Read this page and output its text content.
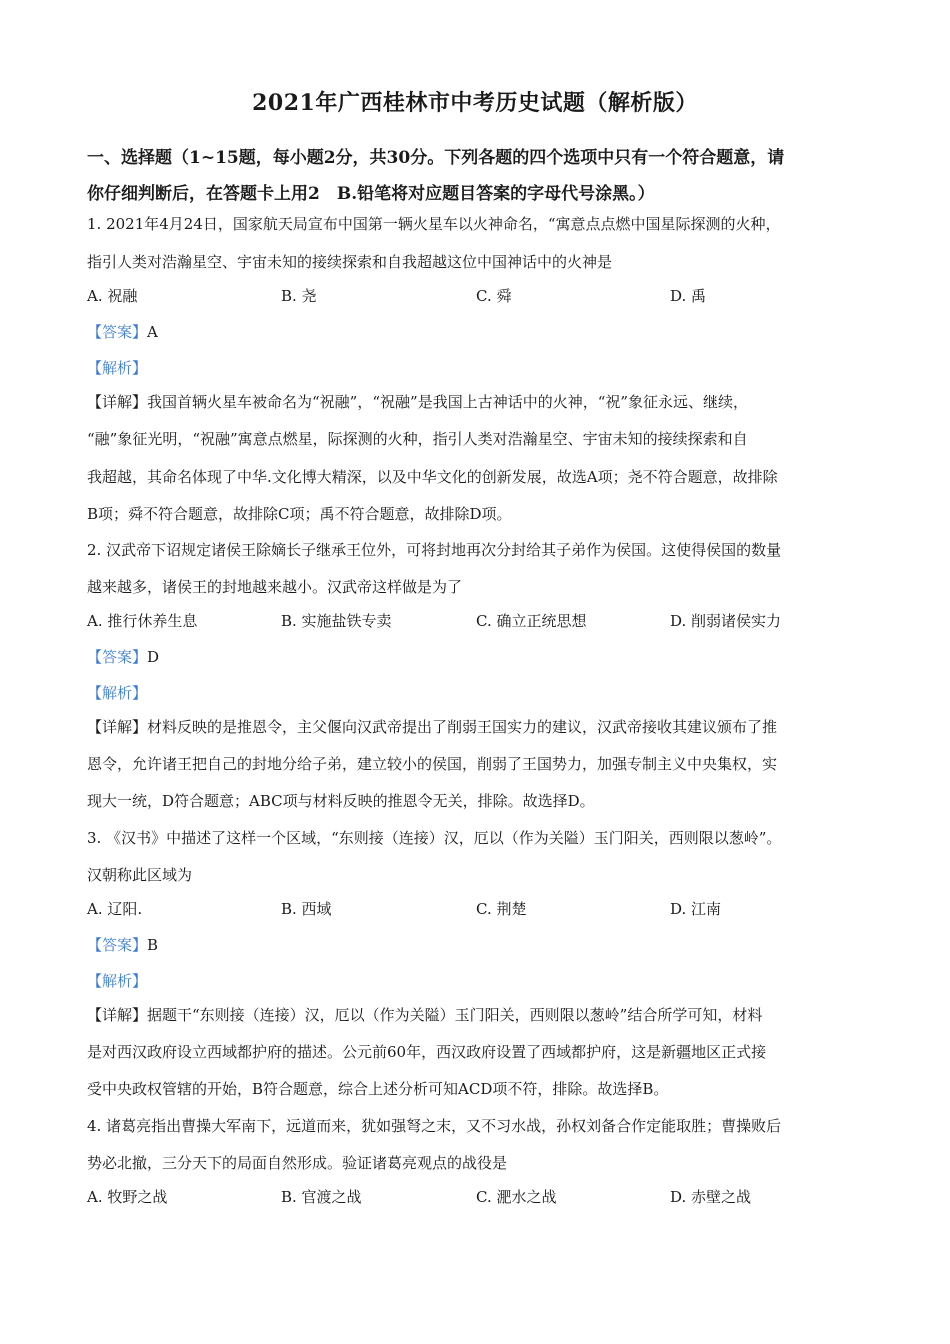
2021年广西桂林市中考历史试题（解析版）
一、选择题（1~15题，每小题2分，共30分。下列各题的四个选项中只有一个符合题意，请
你仔细判断后，在答题卡上用2　B.铅笔将对应题目答案的字母代号涂黑。）
1. 2021年4月24日，国家航天局宣布中国第一辆火星车以火神命名，“寓意点点燃中国星际探测的火种，
指引人类对浩瀚星空、宇宙未知的接续探索和自我超越这位中国神话中的火神是
A. 祝融	B. 尧	C. 舜	D. 禹
【答案】A
【解析】
【详解】我国首辆火星车被命名为“祝融”，“祝融”是我国上古神话中的火神，“祝”象征永远、继续，
“融”象征光明，“祝融”寓意点燃星，际探测的火种，指引人类对浩瀚星空、宇宙未知的接续探索和自
我超越，其命名体现了中华.文化博大精深，以及中华文化的创新发展，故选A项；尧不符合题意，故排除
B项；舜不符合题意，故排除C项；禹不符合题意，故排除D项。
2. 汉武帝下诏规定诸侯王除嫡长子继承王位外，可将封地再次分封给其子弟作为侯国。这使得侯国的数量
越来越多，诸侯王的封地越来越小。汉武帝这样做是为了
A. 推行休养生息	B. 实施盐铁专卖	C. 确立正统思想	D. 削弱诸侯实力
【答案】D
【解析】
【详解】材料反映的是推恩令，主父偃向汉武帝提出了削弱王国实力的建议，汉武帝接收其建议颁布了推
恩令，允许诸王把自己的封地分给子弟，建立较小的侯国，削弱了王国势力，加强专制主义中央集权，实
现大一统，D符合题意；ABC项与材料反映的推恩令无关，排除。故选择D。
3. 《汉书》中描述了这样一个区域，“东则接（连接）汉，厄以（作为关隘）玉门阳关，西则限以葱岭”。
汉朝称此区域为
A. 辽阳.	B. 西域	C. 荆楚	D. 江南
【答案】B
【解析】
【详解】据题干“东则接（连接）汉，厄以（作为关隘）玉门阳关，西则限以葱岭”结合所学可知，材料
是对西汉政府设立西域都护府的描述。公元前60年，西汉政府设置了西域都护府，这是新疆地区正式接
受中央政权管辖的开始，B符合题意，综合上述分析可知ACD项不符，排除。故选择B。
4. 诸葛亮指出曹操大军南下，远道而来，犹如强弩之末，又不习水战，孙权刘备合作定能取胜；曹操败后
势必北撤，三分天下的局面自然形成。验证诸葛亮观点的战役是
A. 牧野之战	B. 官渡之战	C. 淝水之战	D. 赤壁之战
